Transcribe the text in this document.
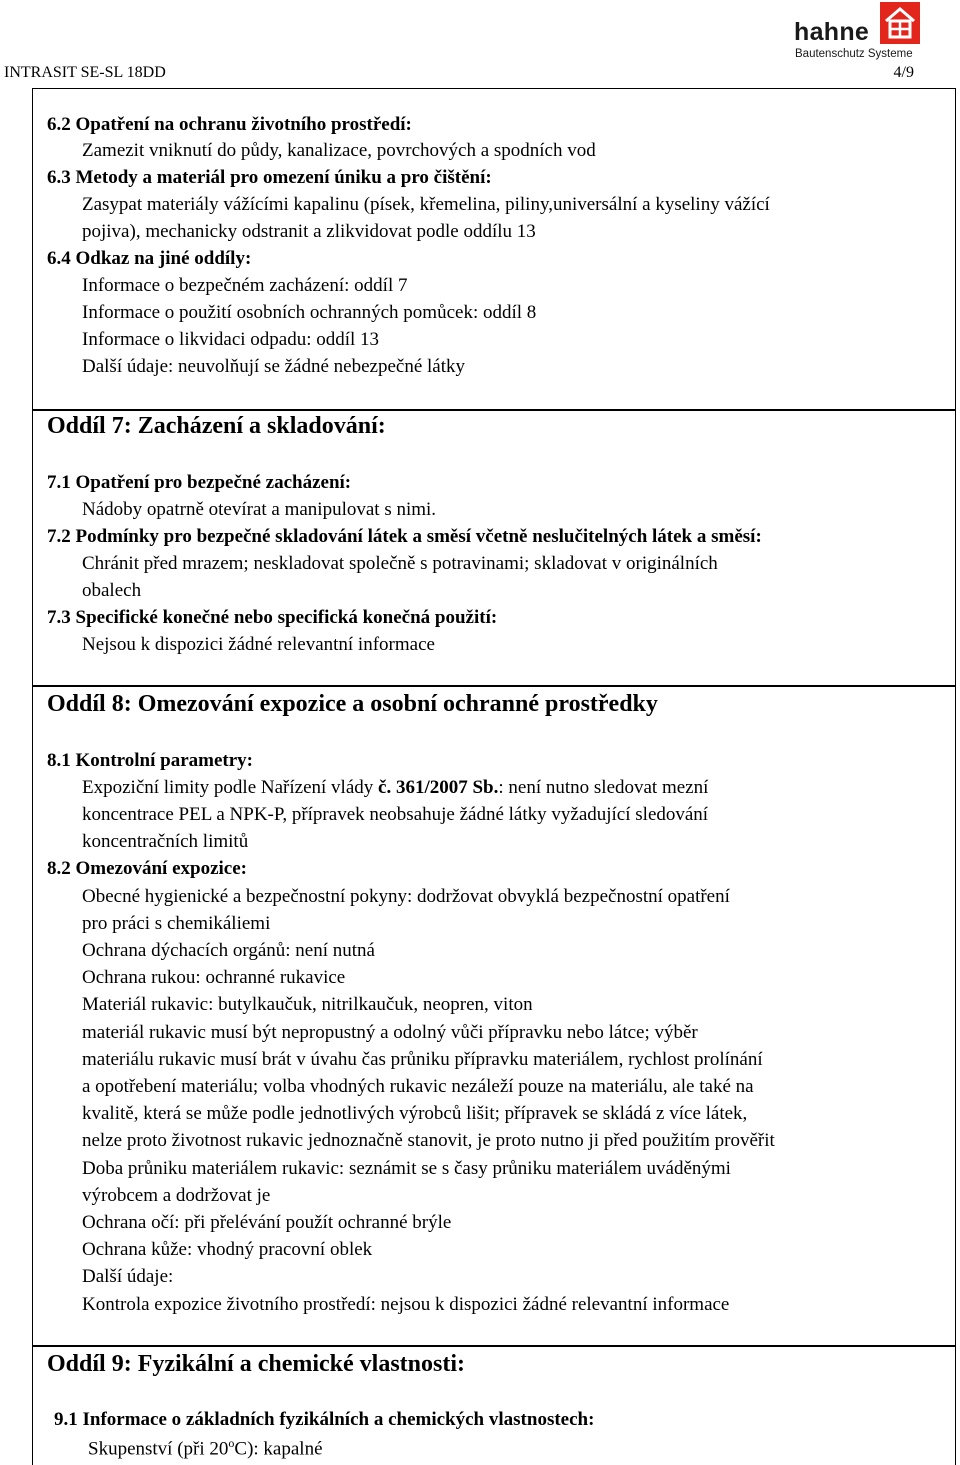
INTRASIT SE-SL 18DD	4/9
hahne
Bautenschutz Systeme
6.2 Opatření na ochranu životního prostředí:
Zamezit vniknutí do půdy, kanalizace, povrchových a spodních vod
6.3 Metody a materiál pro omezení úniku a pro čištění:
Zasypat materiály vážícími kapalinu (písek, křemelina, piliny,universální a kyseliny vážící
pojiva), mechanicky odstranit a zlikvidovat podle oddílu 13
6.4 Odkaz na jiné oddíly:
Informace o bezpečném zacházení: oddíl 7
Informace o použití osobních ochranných pomůcek: oddíl 8
Informace o likvidaci odpadu: oddíl 13
Další údaje: neuvolňují se žádné nebezpečné látky
Oddíl 7: Zacházení a skladování:
7.1 Opatření pro bezpečné zacházení:
Nádoby opatrně otevírat a manipulovat s nimi.
7.2 Podmínky pro bezpečné skladování látek a směsí včetně neslučitelných látek a směsí:
Chránit před mrazem; neskladovat společně s potravinami; skladovat v originálních
obalech
7.3 Specifické konečné nebo specifická konečná použití:
Nejsou k dispozici žádné relevantní informace
Oddíl 8: Omezování expozice a osobní ochranné prostředky
8.1 Kontrolní parametry:
Expoziční limity podle Nařízení vlády č. 361/2007 Sb.: není nutno sledovat mezní
koncentrace PEL a NPK-P, přípravek neobsahuje žádné látky vyžadující sledování
koncentračních limitů
8.2 Omezování expozice:
Obecné hygienické a bezpečnostní pokyny: dodržovat obvyklá bezpečnostní opatření
pro práci s chemikáliemi
Ochrana dýchacích orgánů: není nutná
Ochrana rukou: ochranné rukavice
Materiál rukavic: butylkaučuk, nitrilkaučuk, neopren, viton
materiál rukavic musí být nepropustný a odolný vůči přípravku nebo látce; výběr
materiálu rukavic musí brát v úvahu čas průniku přípravku materiálem, rychlost prolínání
a opotřebení materiálu; volba vhodných rukavic nezáleží pouze na materiálu, ale také na
kvalitě, která se může podle jednotlivých výrobců lišit; přípravek se skládá z více látek,
nelze proto životnost rukavic jednoznačně stanovit, je proto nutno ji před použitím prověřit
Doba průniku materiálem rukavic: seznámit se s časy průniku materiálem uváděnými
výrobcem a dodržovat je
Ochrana očí: při přelévání použít ochranné brýle
Ochrana kůže: vhodný pracovní oblek
Další údaje:
Kontrola expozice životního prostředí: nejsou k dispozici žádné relevantní informace
Oddíl 9: Fyzikální a chemické vlastnosti:
9.1 Informace o základních fyzikálních a chemických vlastnostech:
Skupenství (při 20$^o$C): kapalné
